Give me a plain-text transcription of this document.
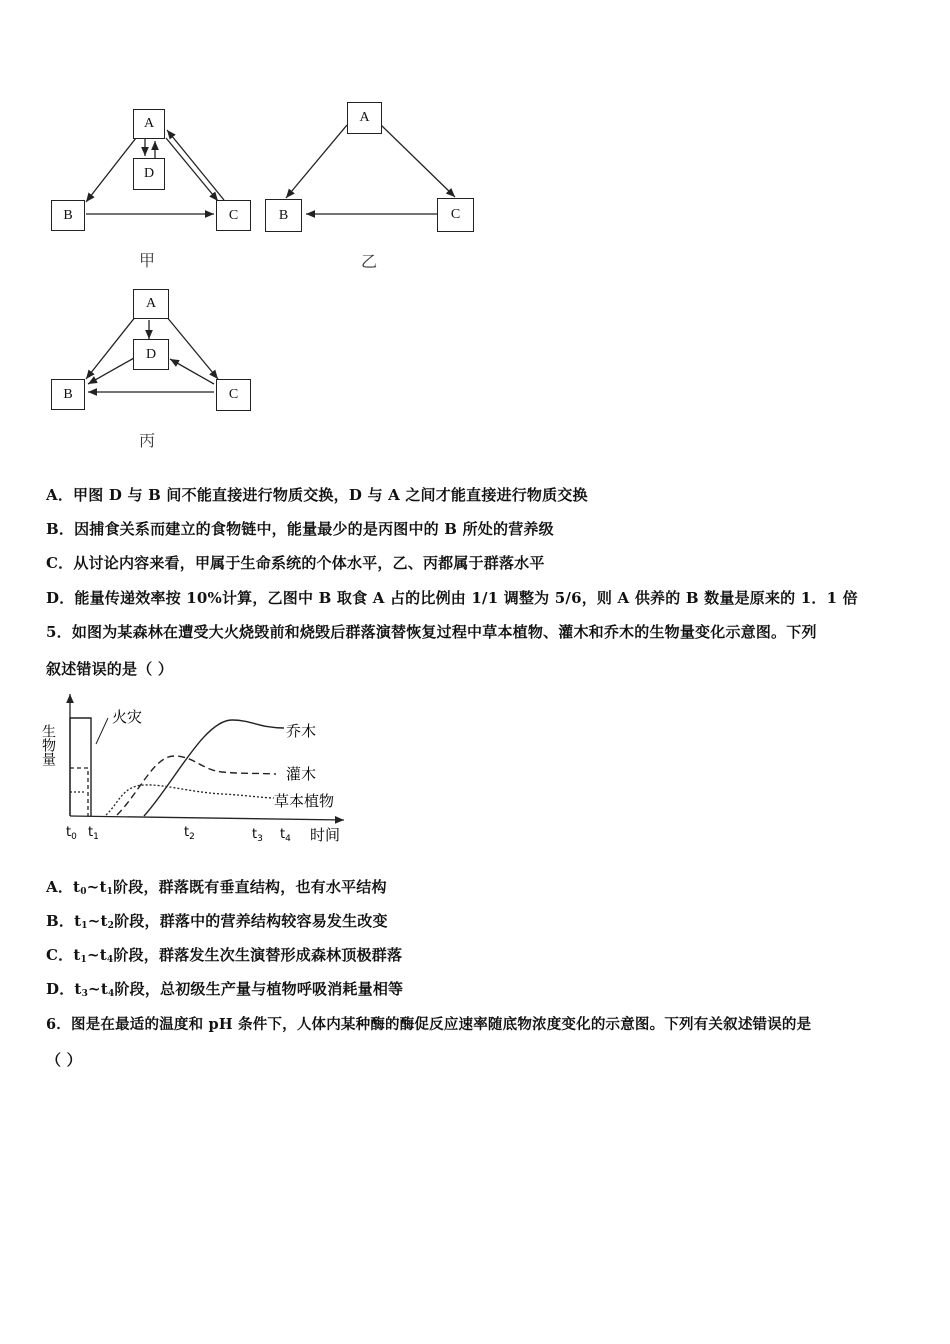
A
D
B	C
甲
A
B	C
乙
A
D
B	C
丙
A．甲图 D 与 B 间不能直接进行物质交换，D 与 A 之间才能直接进行物质交换
B．因捕食关系而建立的食物链中，能量最少的是丙图中的 B 所处的营养级
C．从讨论内容来看，甲属于生命系统的个体水平，乙、丙都属于群落水平
D．能量传递效率按 10%计算，乙图中 B 取食 A 占的比例由 1/1 调整为 5/6，则 A 供养的 B 数量是原来的 1．1 倍
5．如图为某森林在遭受大火烧毁前和烧毁后群落演替恢复过程中草本植物、灌木和乔木的生物量变化示意图。下列
叙述错误的是（ ）
火灾
乔木
灌木
草本植物
生物量
$t_0$ $t_1$	$t_2$	$t_3$ $t_4$ 时间
A．$t_0\sim t_1$阶段，群落既有垂直结构，也有水平结构
B．$t_1\sim t_2$阶段，群落中的营养结构较容易发生改变
C．$t_1\sim t_4$阶段，群落发生次生演替形成森林顶极群落
D．$t_3\sim t_4$阶段，总初级生产量与植物呼吸消耗量相等
6．图是在最适的温度和 pH 条件下，人体内某种酶的酶促反应速率随底物浓度变化的示意图。下列有关叙述错误的是
（ ）
